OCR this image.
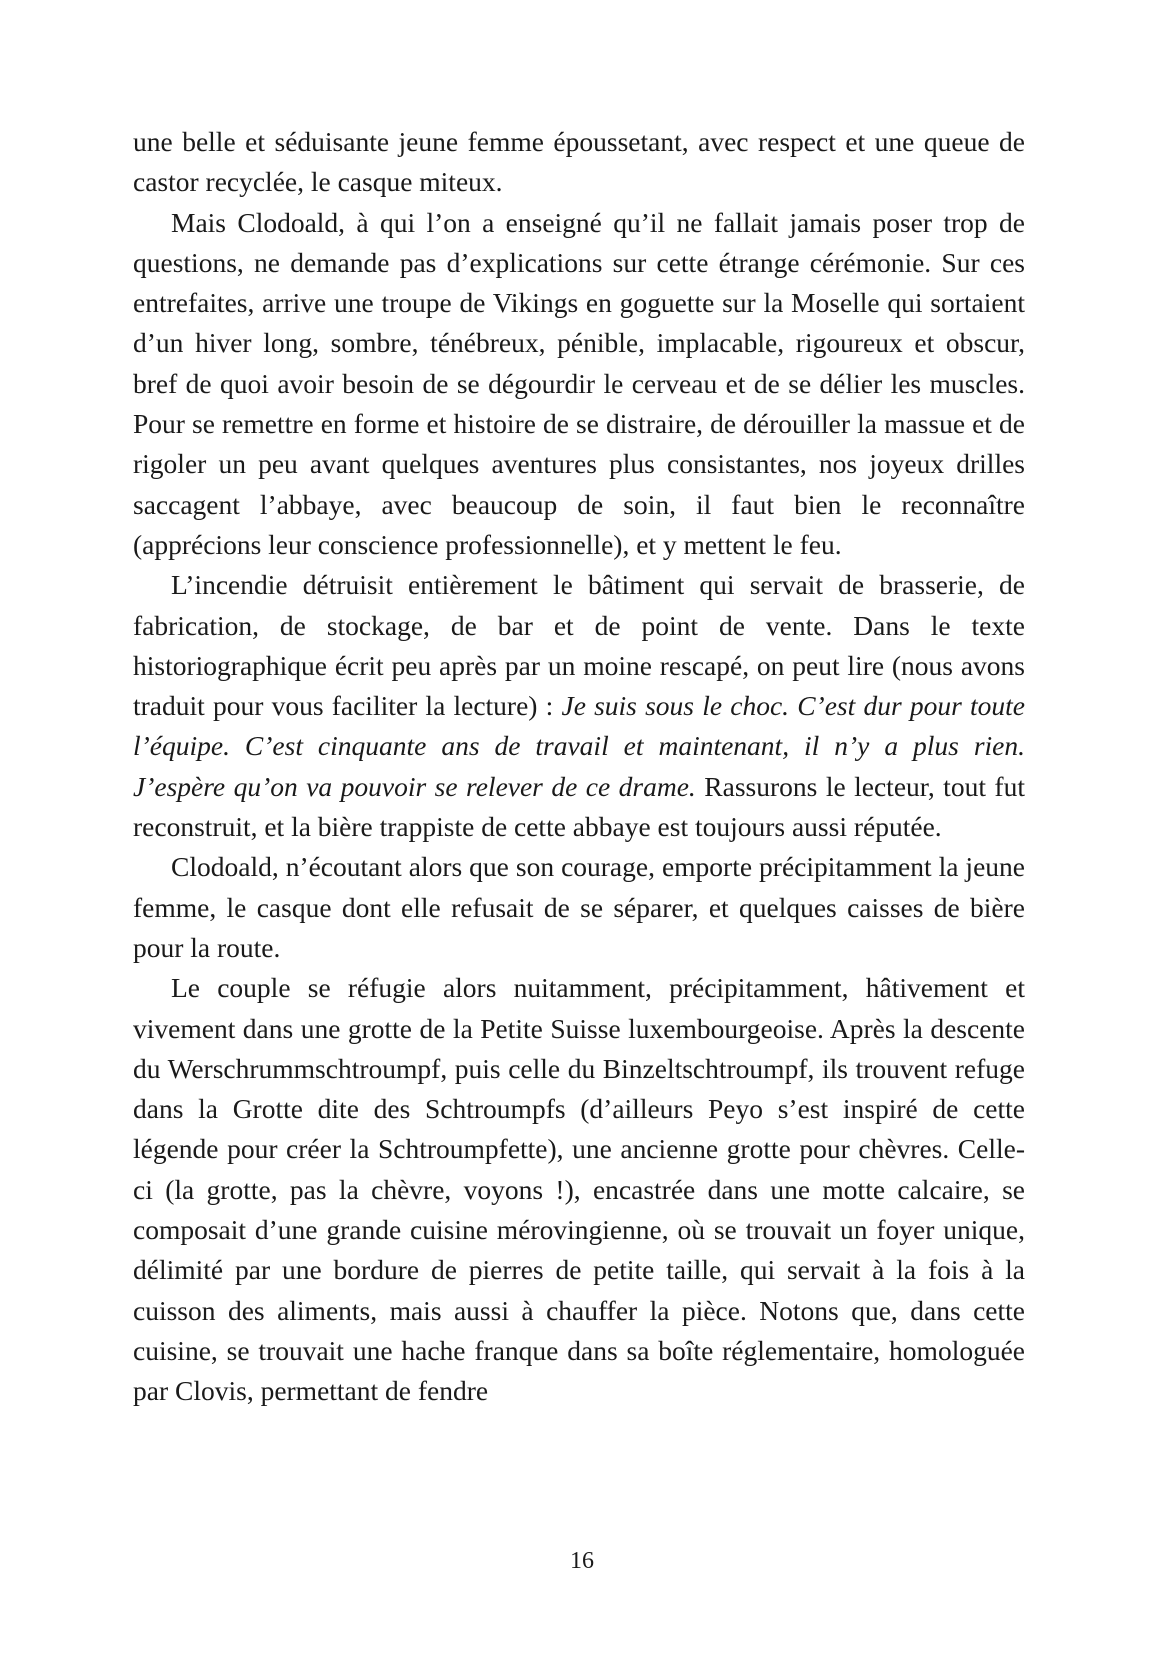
une belle et séduisante jeune femme époussetant, avec respect et une queue de castor recyclée, le casque miteux.

Mais Clodoald, à qui l’on a enseigné qu’il ne fallait jamais poser trop de questions, ne demande pas d’explications sur cette étrange cérémonie. Sur ces entrefaites, arrive une troupe de Vikings en goguette sur la Moselle qui sortaient d’un hiver long, sombre, ténébreux, pénible, implacable, rigoureux et obscur, bref de quoi avoir besoin de se dégourdir le cerveau et de se délier les muscles. Pour se remettre en forme et histoire de se distraire, de dérouiller la massue et de rigoler un peu avant quelques aventures plus consistantes, nos joyeux drilles saccagent l’abbaye, avec beaucoup de soin, il faut bien le reconnaître (apprécions leur conscience professionnelle), et y mettent le feu.

L’incendie détruisit entièrement le bâtiment qui servait de brasserie, de fabrication, de stockage, de bar et de point de vente. Dans le texte historiographique écrit peu après par un moine rescapé, on peut lire (nous avons traduit pour vous faciliter la lecture) : Je suis sous le choc. C’est dur pour toute l’équipe. C’est cinquante ans de travail et maintenant, il n’y a plus rien. J’espère qu’on va pouvoir se relever de ce drame. Rassurons le lecteur, tout fut reconstruit, et la bière trappiste de cette abbaye est toujours aussi réputée.

Clodoald, n’écoutant alors que son courage, emporte précipitamment la jeune femme, le casque dont elle refusait de se séparer, et quelques caisses de bière pour la route.

Le couple se réfugie alors nuitamment, précipitamment, hâtivement et vivement dans une grotte de la Petite Suisse luxembourgeoise. Après la descente du Werschrummschtroumpf, puis celle du Binzeltschtroumpf, ils trouvent refuge dans la Grotte dite des Schtroumpfs (d’ailleurs Peyo s’est inspiré de cette légende pour créer la Schtroumpfette), une ancienne grotte pour chèvres. Celle-ci (la grotte, pas la chèvre, voyons !), encastrée dans une motte calcaire, se composait d’une grande cuisine mérovingienne, où se trouvait un foyer unique, délimité par une bordure de pierres de petite taille, qui servait à la fois à la cuisson des aliments, mais aussi à chauffer la pièce. Notons que, dans cette cuisine, se trouvait une hache franque dans sa boîte réglementaire, homologuée par Clovis, permettant de fendre

16
